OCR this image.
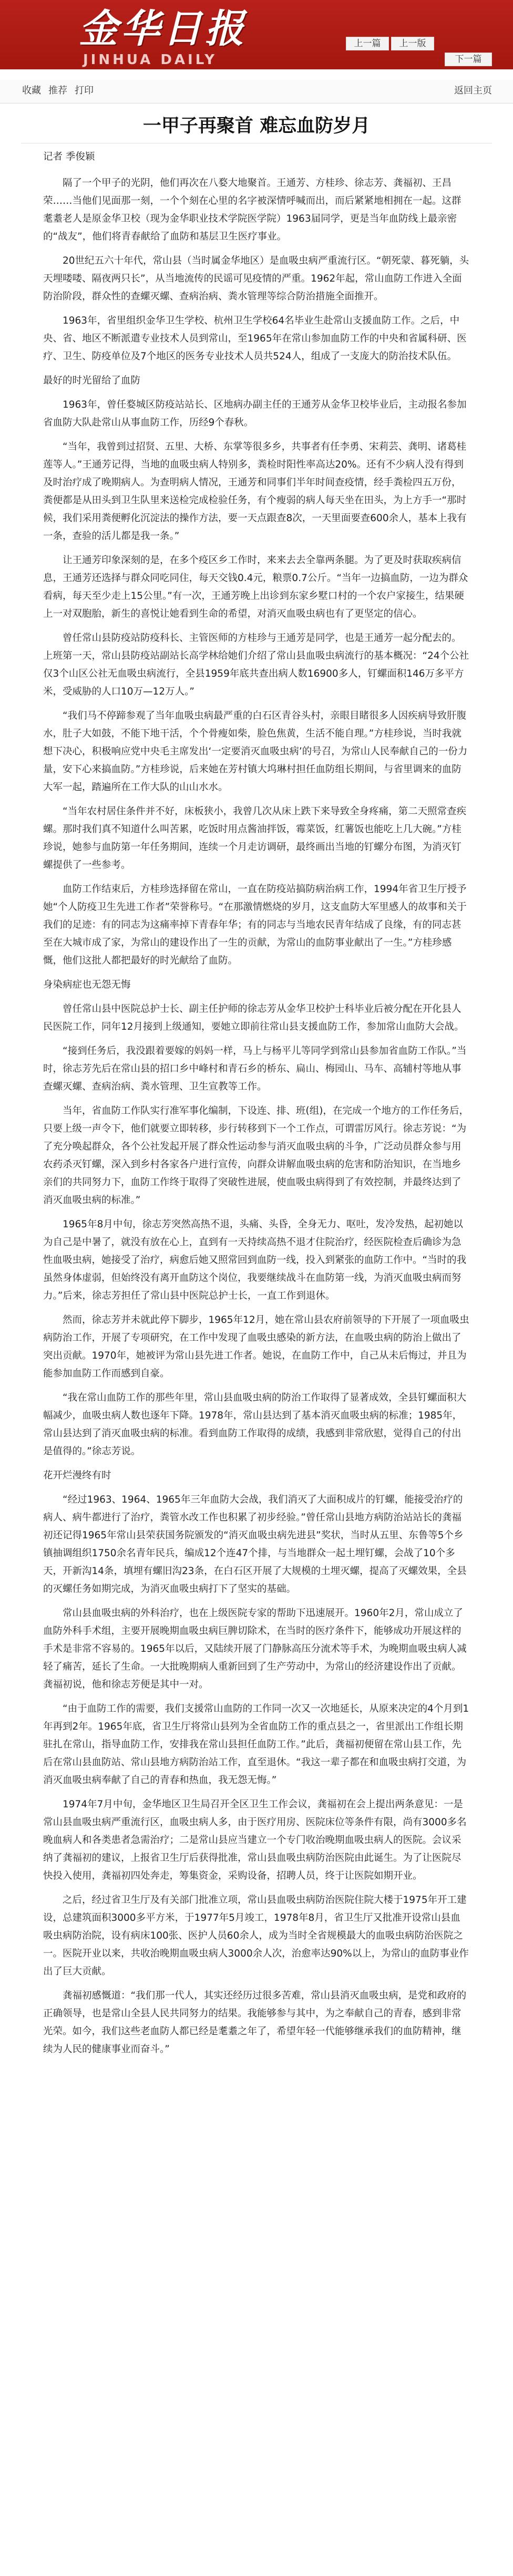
金华日报
JINHUA DAILY
上一篇	上一版
下一篇
收藏 推荐 打印	返回主页
一甲子再聚首 难忘血防岁月

记者 季俊颖

隔了一个甲子的光阴，他们再次在八婺大地聚首。王通芳、方桂珍、徐志芳、龚福初、王昌荣……当他们见面那一刻，一个个刻在心里的名字被深情呼喊而出，而后紧紧地相拥在一起。这群耄耋老人是原金华卫校（现为金华职业技术学院医学院）1963届同学，更是当年血防线上最亲密的“战友”，他们将青春献给了血防和基层卫生医疗事业。

20世纪五六十年代，常山县（当时属金华地区）是血吸虫病严重流行区。“朝死蒙、暮死躺，头天埋喽喽、隔夜两只长”，从当地流传的民谣可见疫情的严重。1962年起，常山血防工作进入全面防治阶段，群众性的查螺灭螺、查病治病、粪水管理等综合防治措施全面推开。

1963年，省里组织金华卫生学校、杭州卫生学校64名毕业生赴常山支援血防工作。之后，中央、省、地区不断派遣专业技术人员到常山，至1965年在常山参加血防工作的中央和省属科研、医疗、卫生、防疫单位及7个地区的医务专业技术人员共524人，组成了一支庞大的防治技术队伍。

最好的时光留给了血防

1963年，曾任婺城区防疫站站长、区地病办副主任的王通芳从金华卫校毕业后，主动报名参加省血防大队赴常山从事血防工作，历经9个春秋。

“当年，我曾到过招贤、五里、大桥、东掌等很多乡，共事者有任李勇、宋莉芸、龚明、诸葛桂莲等人。”王通芳记得，当地的血吸虫病人特别多，粪检时阳性率高达20%。还有不少病人没有得到及时治疗成了晚期病人。为查明病人情况，王通芳和同事们半年时间查疫情，经手粪检四五万份，粪便都是从田头到卫生队里来送检完成检验任务，有个瘦弱的病人每天坐在田头，为上方手一“那时候，我们采用粪便孵化沉淀法的操作方法，要一天点跟查8次，一天里面要查600余人，基本上我有一条，查验的活儿都是我一条。”

让王通芳印象深刻的是，在多个疫区乡工作时，来来去去全靠两条腿。为了更及时获取疾病信息，王通芳还选择与群众同吃同住，每天交钱0.4元，粮票0.7公斤。“当年一边搞血防，一边为群众看病，每天至少走上15公里。”有一次，王通芳晚上出诊到东家乡墅口村的一个农户家接生，结果硬上一对双胞胎，新生的喜悦让她看到生命的希望，对消灭血吸虫病也有了更坚定的信心。

曾任常山县防疫站防疫科长、主管医师的方桂珍与王通芳是同学，也是王通芳一起分配去的。上班第一天，常山县防疫站副站长高学林给她们介绍了常山县血吸虫病流行的基本概况：“24个公社仅3个山区公社无血吸虫病流行，全县1959年底共查出病人数16900多人，钉螺面积146万多平方米，受威胁的人口10万—12万人。”

“我们马不停蹄参观了当年血吸虫病最严重的白石区青谷头村，亲眼目睹很多人因疾病导致肝腹水，肚子大如鼓，不能下地干活，个个骨瘦如柴，脸色焦黄，生活不能自理。”方桂珍说，当时我就想下决心，积极响应党中央毛主席发出‘一定要消灭血吸虫病’的号召，为常山人民奉献自己的一份力量，安下心来搞血防。”方桂珍说，后来她在芳村镇大坞琳村担任血防组长期间，与省里调来的血防大军一起，踏遍所在工作大队的山山水水。

“当年农村居住条件并不好，床板狭小，我曾几次从床上跌下来导致全身疼痛，第二天照常查疾螺。那时我们真不知道什么叫苦累，吃饭时用点酱油拌饭，霉菜饭，红薯饭也能吃上几大碗。”方桂珍说，她参与血防第一年任务期间，连续一个月走访调研，最终画出当地的钉螺分布图，为消灭钉螺提供了一些参考。

血防工作结束后，方桂珍选择留在常山，一直在防疫站搞防病治病工作，1994年省卫生厅授予她“个人防疫卫生先进工作者”荣誉称号。“在那激情燃烧的岁月，这支血防大军里感人的故事和关于我们的足迹：有的同志为这痛率掉下青春年华；有的同志与当地农民青年结成了良缘，有的同志甚至在大城市成了家，为常山的建设作出了一生的贡献，为常山的血防事业献出了一生。”方桂珍感慨，他们这批人都把最好的时光献给了血防。

身染病症也无怨无悔

曾任常山县中医院总护士长、副主任护师的徐志芳从金华卫校护士科毕业后被分配在开化县人民医院工作，同年12月接到上级通知，要她立即前往常山县支援血防工作，参加常山血防大会战。

“接到任务后，我没跟着要嫁的妈妈一样，马上与杨平儿等同学到常山县参加省血防工作队。”当时，徐志芳先后在常山县的招口乡中峰村和青石乡的桥东、扁山、梅园山、马车、高辅村等地从事查螺灭螺、查病治病、粪水管理、卫生宣教等工作。

当年，省血防工作队实行准军事化编制，下设连、排、班(组)，在完成一个地方的工作任务后，只要上级一声令下，他们就要立即转移，步行转移到下一个工作点，可谓雷厉风行。徐志芳说：“为了充分唤起群众，各个公社发起开展了群众性运动参与消灭血吸虫病的斗争，广泛动员群众参与用农药杀灭钉螺，深入到乡村各家各户进行宣传，向群众讲解血吸虫病的危害和防治知识，在当地乡亲们的共同努力下，血防工作终于取得了突破性进展，使血吸虫病得到了有效控制，并最终达到了消灭血吸虫病的标准。”

1965年8月中旬，徐志芳突然高热不退，头痛、头昏，全身无力、呕吐，发冷发热，起初她以为自己是中暑了，就没有放在心上，直到有一天持续高热不退才住院治疗，经医院检查后确诊为急性血吸虫病，她接受了治疗，病愈后她又照常回到血防一线，投入到紧张的血防工作中。“当时的我虽然身体虚弱，但始终没有离开血防这个岗位，我要继续战斗在血防第一线，为消灭血吸虫病而努力。”后来，徐志芳担任了常山县中医院总护士长，一直工作到退休。

然而，徐志芳并未就此停下脚步，1965年12月，她在常山县农府前领导的下开展了一项血吸虫病防治工作，开展了专项研究，在工作中发现了血吸虫感染的新方法，在血吸虫病的防治上做出了突出贡献。1970年，她被评为常山县先进工作者。她说，在血防工作中，自己从未后悔过，并且为能参加血防工作而感到自豪。

“我在常山血防工作的那些年里，常山县血吸虫病的防治工作取得了显著成效，全县钉螺面积大幅减少，血吸虫病人数也逐年下降。1978年，常山县达到了基本消灭血吸虫病的标准；1985年，常山县达到了消灭血吸虫病的标准。看到血防工作取得的成绩，我感到非常欣慰，觉得自己的付出是值得的。”徐志芳说。

花开烂漫终有时

“经过1963、1964、1965年三年血防大会战，我们消灭了大面积成片的钉螺，能接受治疗的病人、病牛都进行了治疗，粪管水改工作也积累了初步经验。”曾任常山县地方病防治站站长的龚福初还记得1965年常山县荣获国务院颁发的“消灭血吸虫病先进县”奖状，当时从五里、东鲁等5个乡镇抽调组织1750余名青年民兵，编成12个连47个排，与当地群众一起土埋钉螺，会战了10个多天，开新沟14条，填埋有螺旧沟23条，在白石区开展了大规模的土埋灭螺，提高了灭螺效果，全县的灭螺任务如期完成，为消灭血吸虫病打下了坚实的基础。

常山县血吸虫病的外科治疗，也在上级医院专家的帮助下迅速展开。1960年2月，常山成立了血防外科手术组，主要开展晚期血吸虫病巨脾切除术，在当时的医疗条件下，能够成功开展这样的手术是非常不容易的。1965年以后，又陆续开展了门静脉高压分流术等手术，为晚期血吸虫病人减轻了痛苦，延长了生命。一大批晚期病人重新回到了生产劳动中，为常山的经济建设作出了贡献。龚福初说，他和徐志芳便是其中一对。

“由于血防工作的需要，我们支援常山血防的工作同一次又一次地延长，从原来决定的4个月到1年再到2年。1965年底，省卫生厅将常山县列为全省血防工作的重点县之一，省里派出工作组长期驻扎在常山，指导血防工作，安排我在常山县担任血防工作。”此后，龚福初便留在常山县工作，先后在常山县血防站、常山县地方病防治站工作，直至退休。“我这一辈子都在和血吸虫病打交道，为消灭血吸虫病奉献了自己的青春和热血，我无怨无悔。”

1974年7月中旬，金华地区卫生局召开全区卫生工作会议，龚福初在会上提出两条意见：一是常山县血吸虫病严重流行区，血吸虫病人多，由于医疗用房、医院床位等条件有限，尚有3000多名晚血病人和各类患者急需治疗；二是常山县应当建立一个专门收治晚期血吸虫病人的医院。会议采纳了龚福初的建议，上报省卫生厅后获得批准，常山县血吸虫病防治医院由此诞生。为了让医院尽快投入使用，龚福初四处奔走，筹集资金，采购设备，招聘人员，终于让医院如期开业。

之后，经过省卫生厅及有关部门批准立项，常山县血吸虫病防治医院住院大楼于1975年开工建设，总建筑面积3000多平方米，于1977年5月竣工，1978年8月，省卫生厅又批准开设常山县血吸虫病防治院，设有病床100张、医护人员60余人，成为当时全省规模最大的血吸虫病防治医院之一。医院开业以来，共收治晚期血吸虫病人3000余人次，治愈率达90%以上，为常山的血防事业作出了巨大贡献。

龚福初感慨道：“我们那一代人，其实还经历过很多苦难，常山县消灭血吸虫病，是党和政府的正确领导，也是常山全县人民共同努力的结果。我能够参与其中，为之奉献自己的青春，感到非常光荣。如今，我们这些老血防人都已经是耄耋之年了，希望年轻一代能够继承我们的血防精神，继续为人民的健康事业而奋斗。”
